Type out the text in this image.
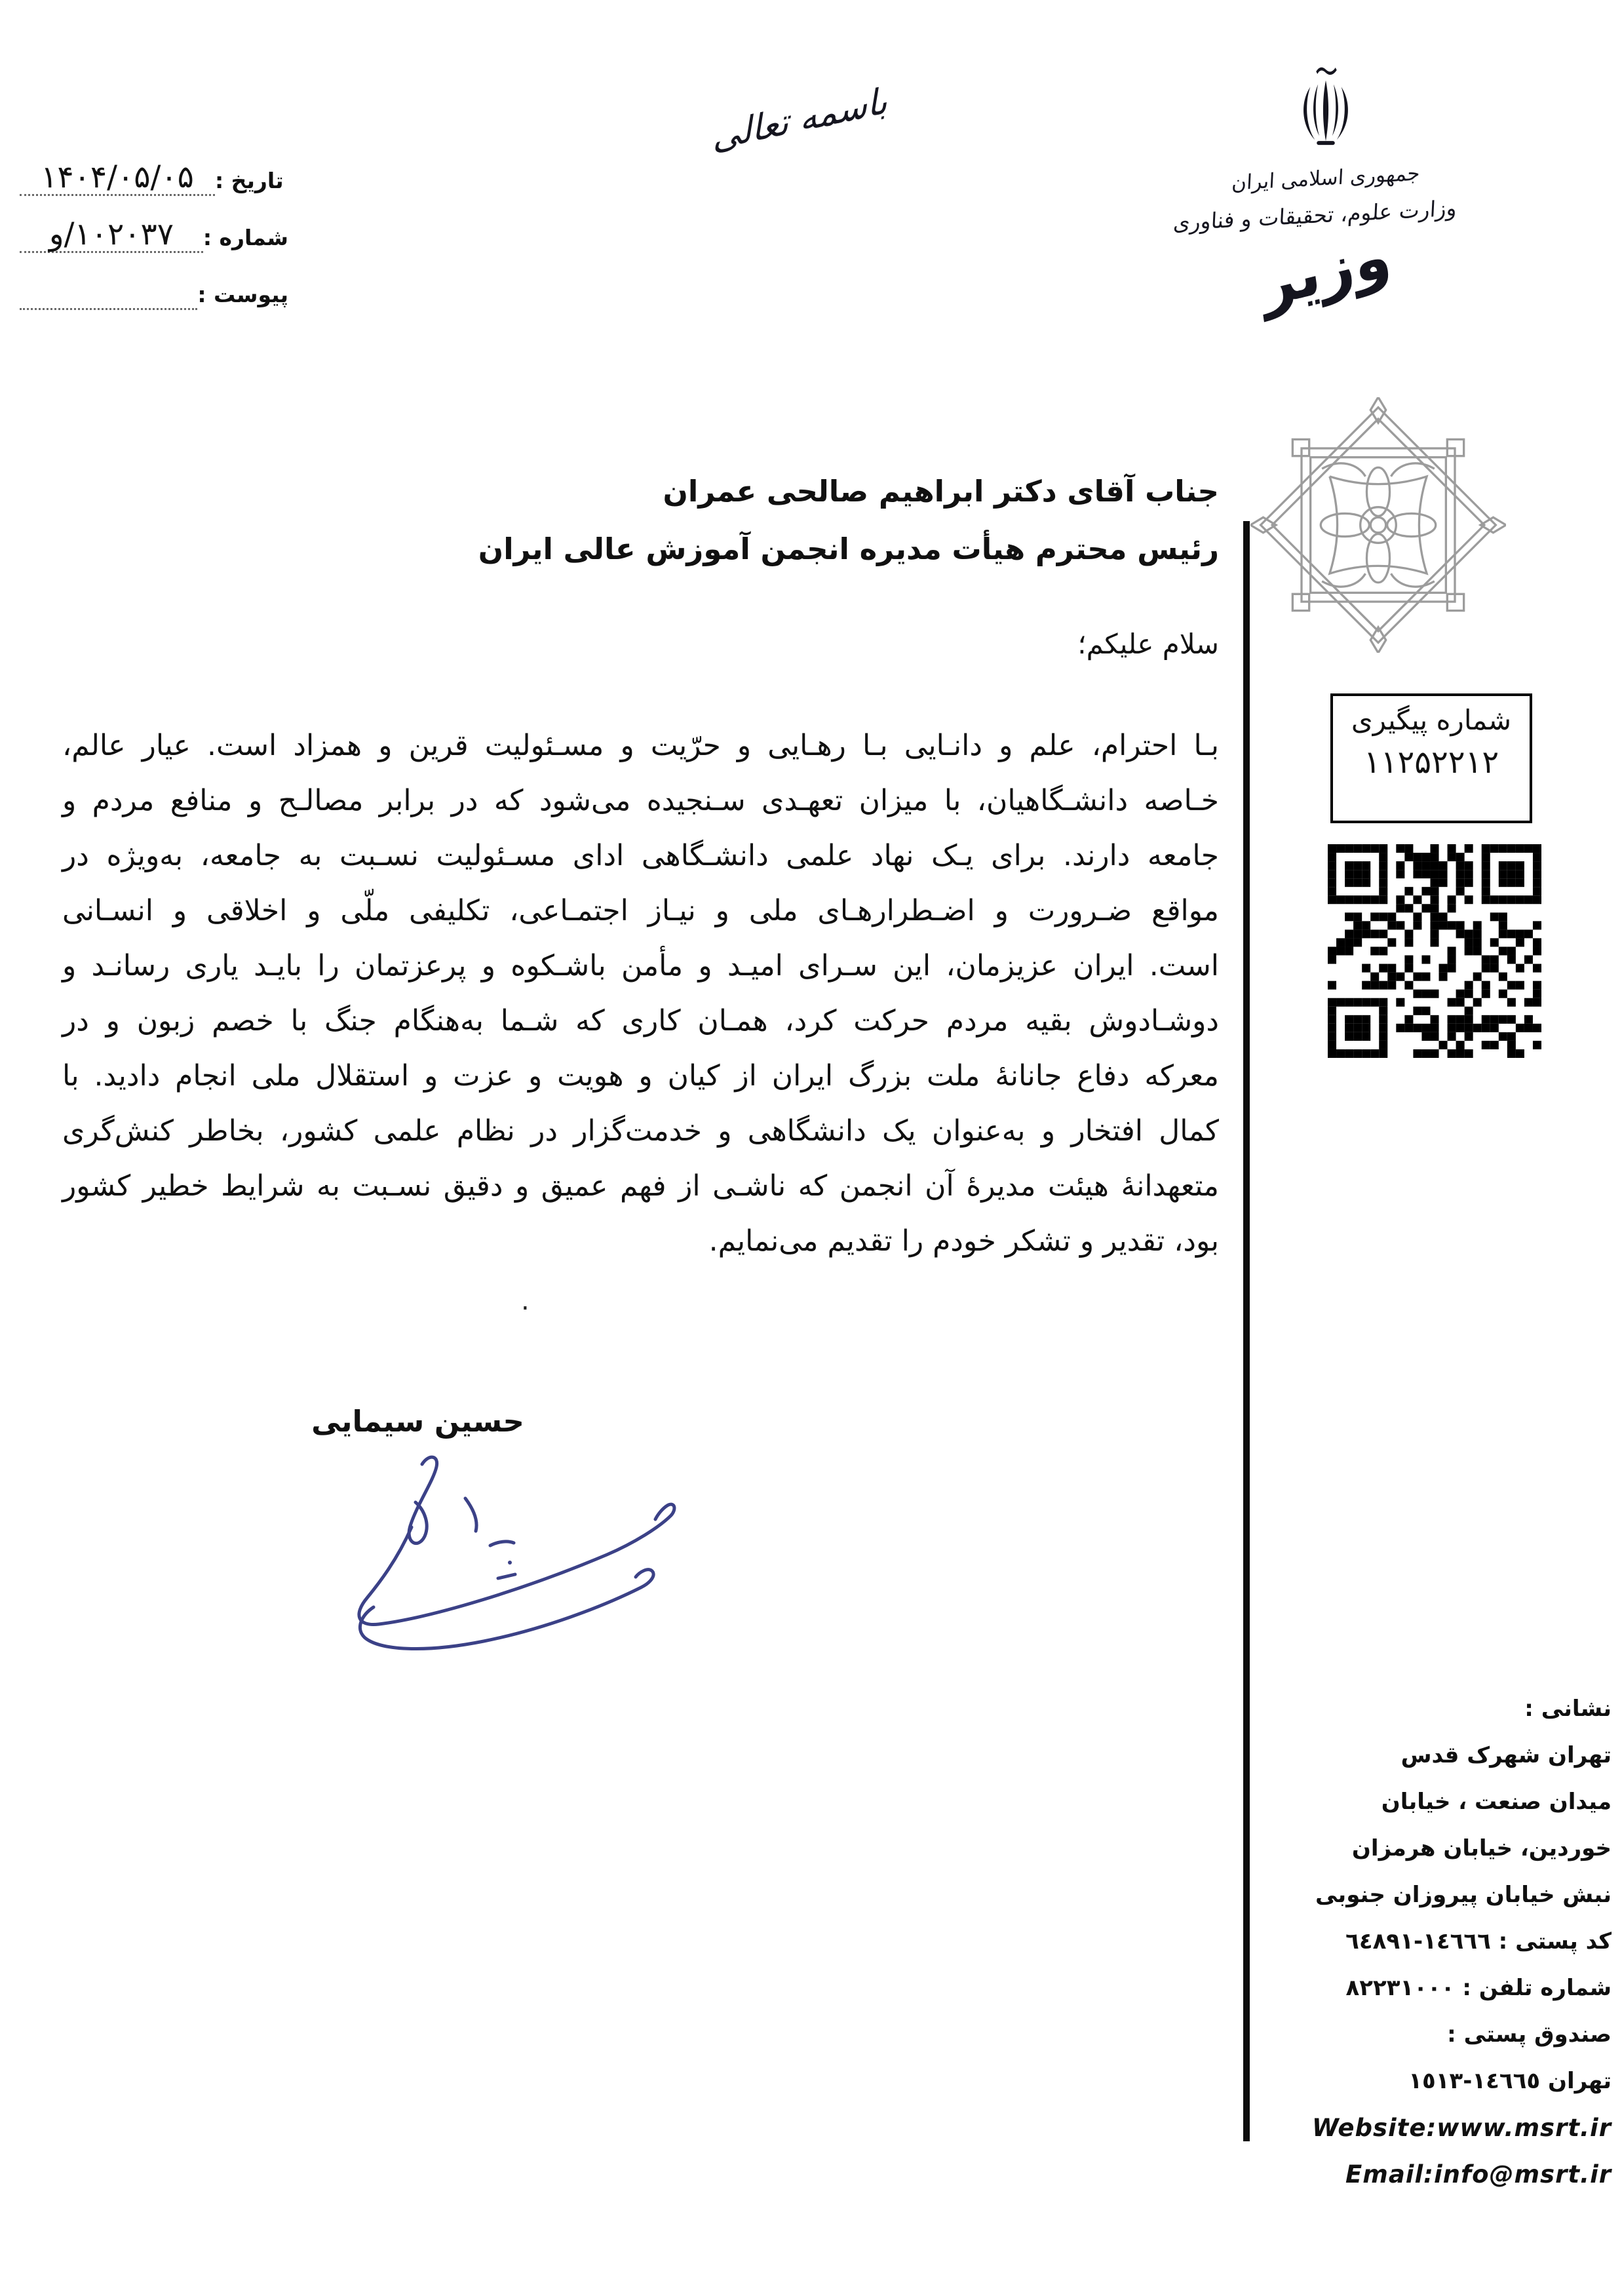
تاریخ :
۱۴۰۴/۰۵/۰۵
شماره :
۱۰۲۰۳۷/و
پیوست :
باسمه تعالی
جمهوری اسلامی ایران
وزارت علوم، تحقیقات و فناوری
وزیر
جناب آقای دکتر ابراهیم صالحی عمران
رئیس محترم هیأت مدیره انجمن آموزش عالی ایران
سلام علیکم؛
بـا احترام، علم و دانـایی بـا رهـایی و حرّیت و مسـئولیت قرین و همزاد است. عیار عالم،
خـاصه دانشـگاهیان، با میزان تعهـدی سـنجیده می‌شود که در برابر مصالـح و منافع مردم و
جامعه دارند. برای یـک نهاد علمی دانشـگاهی ادای مسـئولیت نسـبت به جامعه، به‌ویژه در
مواقع ضـرورت و اضـطرارهـای ملی و نیـاز اجتمـاعی، تکلیفی ملّی و اخلاقی و انسـانی
است. ایران عزیزمان، این سـرای امیـد و مأمن باشـکوه و پرعزتمان را بایـد یاری رسانـد و
دوشـادوش بقیه مردم حرکت کرد، همـان کاری که شـما به‌هنگام جنگ با خصم زبون و در
معرکه دفاع جانانۀ ملت بزرگ ایران از کیان و هویت و عزت و استقلال ملی انجام دادید. با
کمال افتخار و به‌عنوان یک دانشگاهی و خدمت‌گزار در نظام علمی کشور، بخاطر کنش‌گری
متعهدانۀ هیئت مدیرۀ آن انجمن که ناشـی از فهم عمیق و دقیق نسـبت به شرایط خطیر کشور
بود، تقدیر و تشکر خودم را تقدیم می‌نمایم.
.
شماره پیگیری
۱۱۲۵۲۲۱۲
حسین سیمایی
نشانی :
تهران شهرک قدس
میدان صنعت ، خیابان
خوردین، خیابان هرمزان
نبش خیابان پیروزان جنوبی
کد پستی : ١٤٦٦٦-٦٤٨٩١
شماره تلفن : ۸۲۲۳۱۰۰۰
صندوق پستی :
تهران ١٤٦٦٥-١٥١٣
Website:www.msrt.ir
Email:info@msrt.ir
